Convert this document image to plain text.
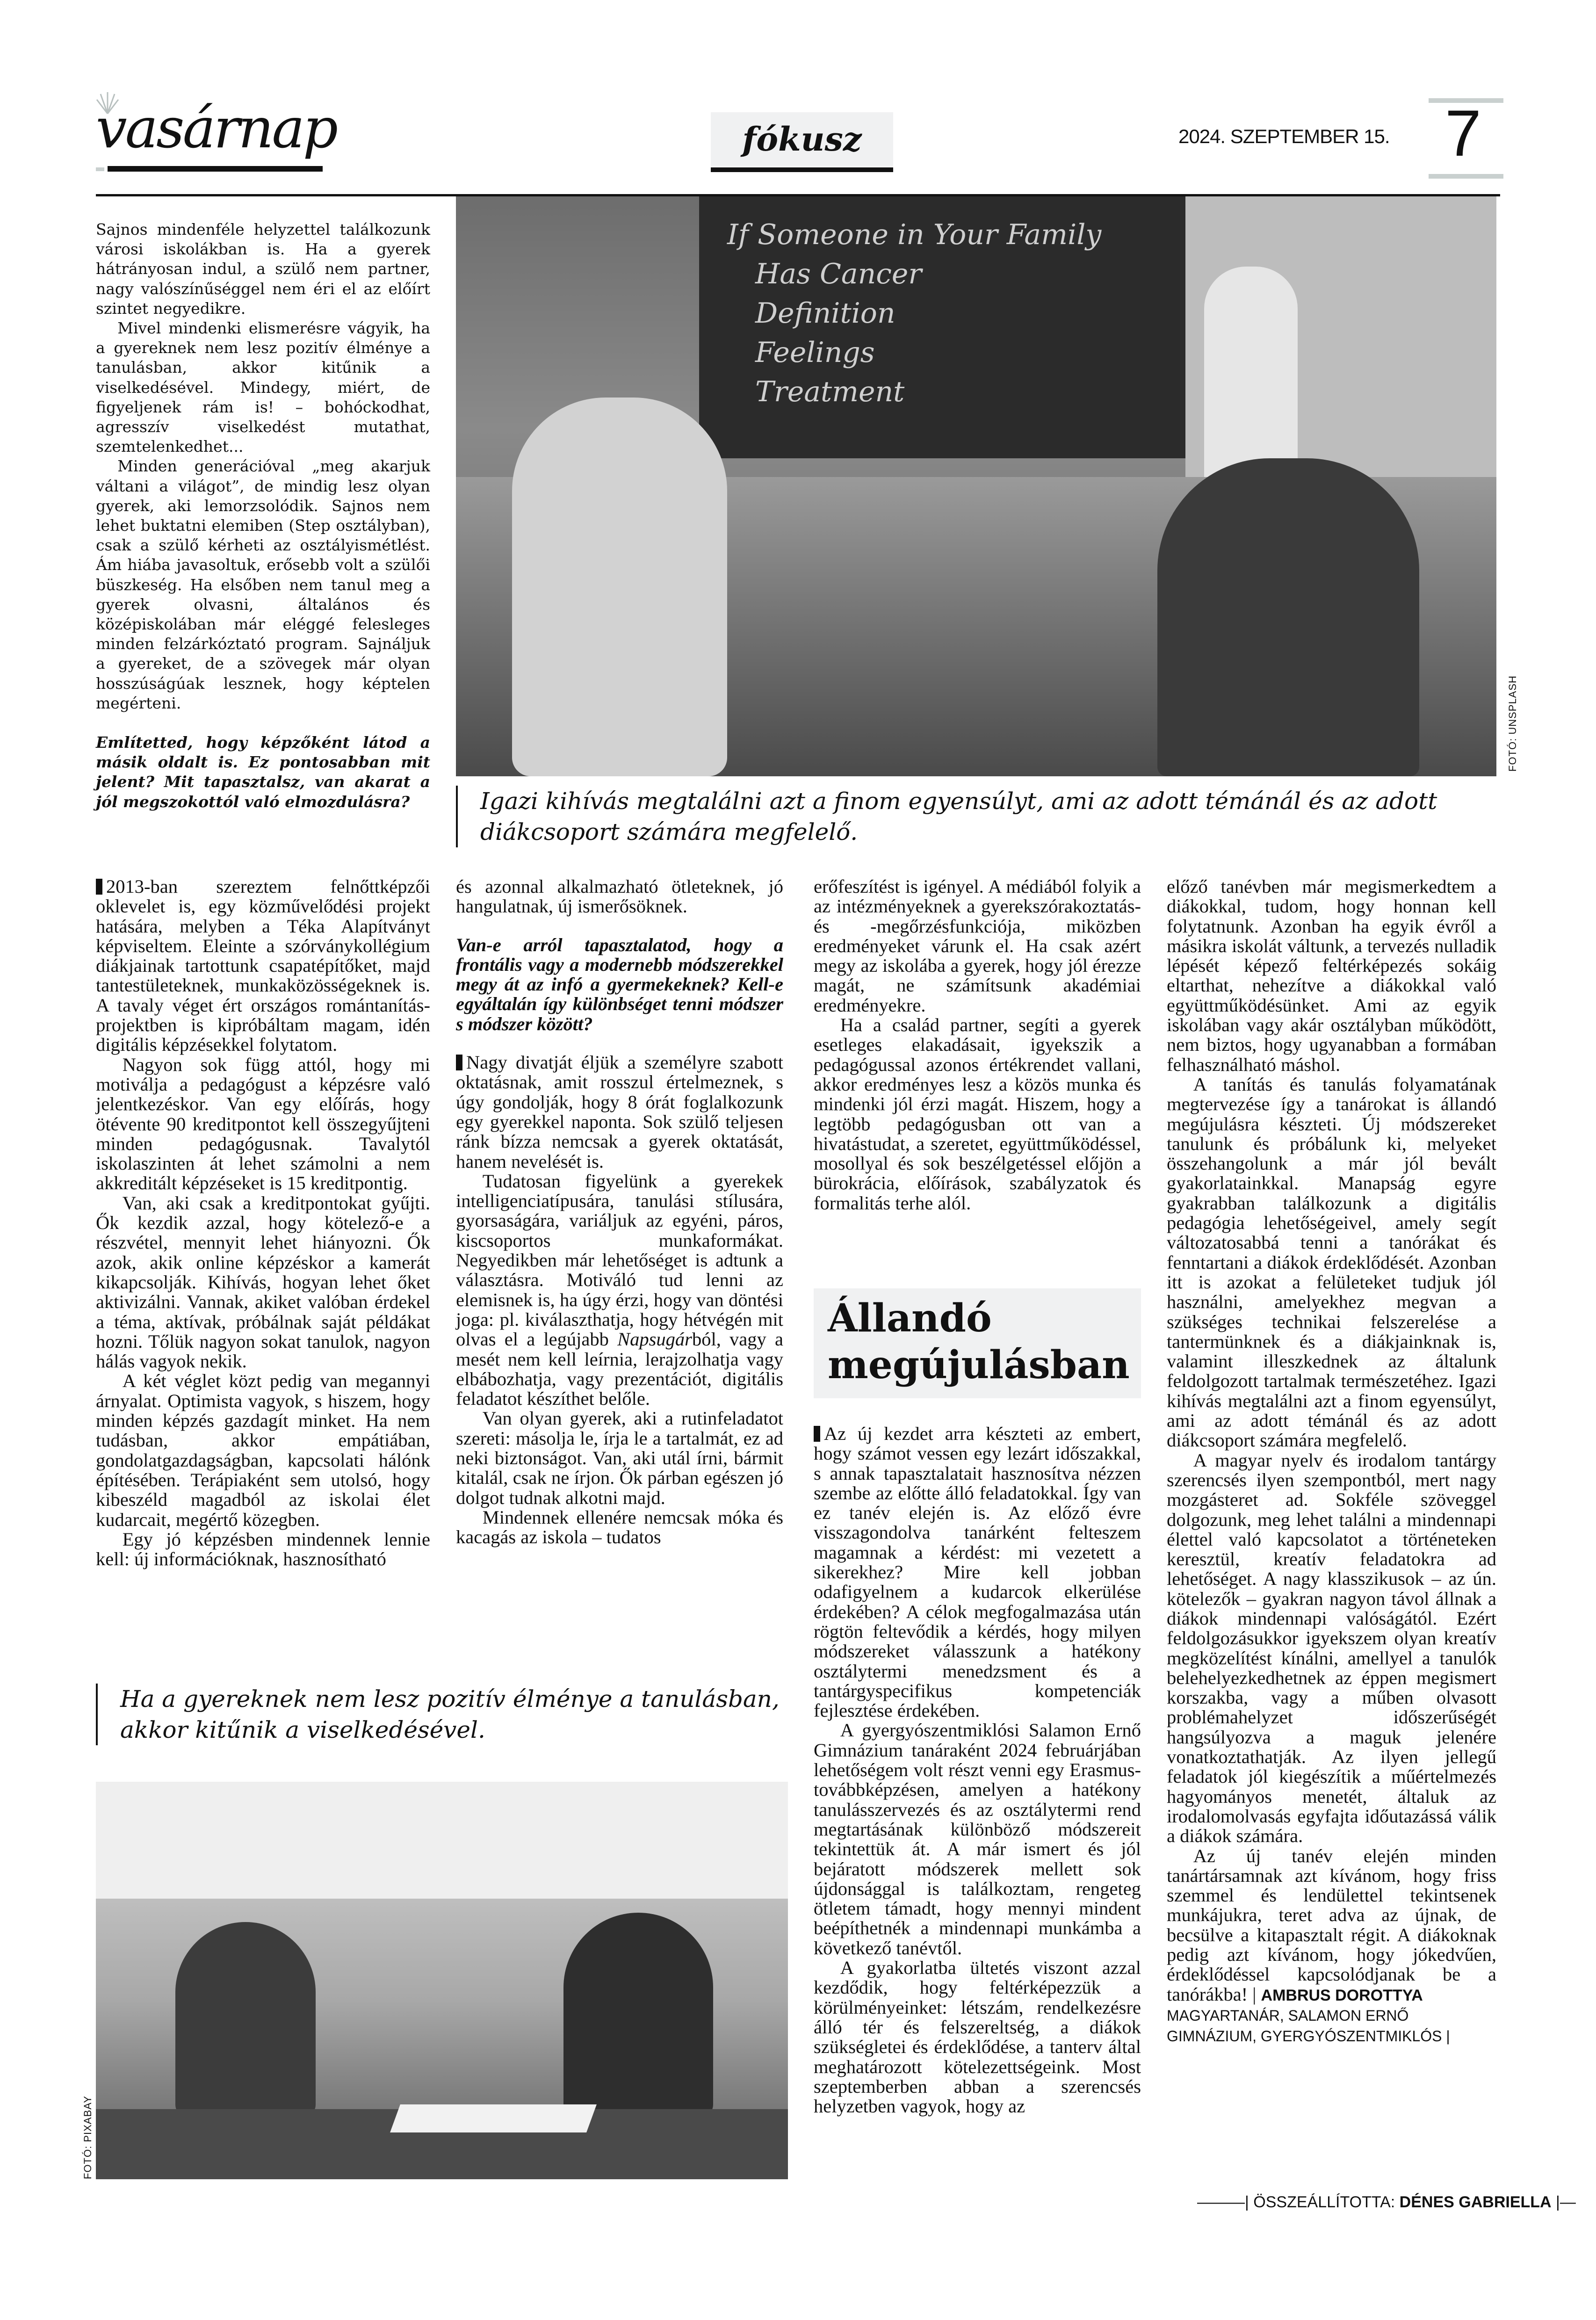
vasárnap	fókusz	2024. SZEPTEMBER 15. 7

Sajnos mindenféle helyzettel találkozunk városi iskolákban is. Ha a gyerek hátrányosan indul, a szülő nem partner, nagy valószínűséggel nem éri el az előírt szintet negyedikre.

Mivel mindenki elismerésre vágyik, ha a gyereknek nem lesz pozitív élménye a tanulásban, akkor kitűnik a viselkedésével. Mindegy, miért, de figyeljenek rám is! – bohóckodhat, agresszív viselkedést mutathat, szemtelenkedhet...

Minden generációval „meg akarjuk váltani a világot”, de mindig lesz olyan gyerek, aki lemorzsolódik. Sajnos nem lehet buktatni elemiben (Step osztályban), csak a szülő kérheti az osztályismétlést. Ám hiába javasoltuk, erősebb volt a szülői büszkeség. Ha elsőben nem tanul meg a gyerek olvasni, általános és középiskolában már eléggé felesleges minden felzárkóztató program. Sajnáljuk a gyereket, de a szövegek már olyan hosszúságúak lesznek, hogy képtelen megérteni.

Említetted, hogy képzőként látod a másik oldalt is. Ez pontosabban mit jelent? Mit tapasztalsz, van akarat a jól megszokottól való elmozdulásra?

If Someone in Your Family
Has Cancer
Definition
Feelings
Treatment
FOTÓ: UNSPLASH
Igazi kihívás megtalálni azt a finom egyensúlyt, ami az adott témánál és az adott diákcsoport számára megfelelő.

2013-ban szereztem felnőttképzői oklevelet is, egy közművelődési projekt hatására, melyben a Téka Alapítványt képviseltem. Eleinte a szórványkollégium diákjainak tartottunk csapatépítőket, majd tantestületeknek, munkaközösségeknek is. A tavaly véget ért országos romántanítás-projektben is kipróbáltam magam, idén digitális képzésekkel folytatom.

Nagyon sok függ attól, hogy mi motiválja a pedagógust a képzésre való jelentkezéskor. Van egy előírás, hogy ötévente 90 kreditpontot kell összegyűjteni minden pedagógusnak. Tavalytól iskolaszinten át lehet számolni a nem akkreditált képzéseket is 15 kreditpontig.

Van, aki csak a kreditpontokat gyűjti. Ők kezdik azzal, hogy kötelező-e a részvétel, mennyit lehet hiányozni. Ők azok, akik online képzéskor a kamerát kikapcsolják. Kihívás, hogyan lehet őket aktivizálni. Vannak, akiket valóban érdekel a téma, aktívak, próbálnak saját példákat hozni. Tőlük nagyon sokat tanulok, nagyon hálás vagyok nekik.

A két véglet közt pedig van megannyi árnyalat. Optimista vagyok, s hiszem, hogy minden képzés gazdagít minket. Ha nem tudásban, akkor empátiában, gondolatgazdagságban, kapcsolati hálónk építésében. Terápiaként sem utolsó, hogy kibeszéld magadból az iskolai élet kudarcait, megértő közegben.

Egy jó képzésben mindennek lennie kell: új információknak, hasznosítható

és azonnal alkalmazható ötleteknek, jó hangulatnak, új ismerősöknek.

Van-e arról tapasztalatod, hogy a frontális vagy a modernebb módszerekkel megy át az infó a gyermekeknek? Kell-e egyáltalán így különbséget tenni módszer s módszer között?

Nagy divatját éljük a személyre szabott oktatásnak, amit rosszul értelmeznek, s úgy gondolják, hogy 8 órát foglalkozunk egy gyerekkel naponta. Sok szülő teljesen ránk bízza nemcsak a gyerek oktatását, hanem nevelését is.

Tudatosan figyelünk a gyerekek intelligenciatípusára, tanulási stílusára, gyorsaságára, variáljuk az egyéni, páros, kiscsoportos munkaformákat. Negyedikben már lehetőséget is adtunk a választásra. Motiváló tud lenni az elemisnek is, ha úgy érzi, hogy van döntési joga: pl. kiválaszthatja, hogy hétvégén mit olvas el a legújabb Napsugárból, vagy a mesét nem kell leírnia, lerajzolhatja vagy elbábozhatja, vagy prezentációt, digitális feladatot készíthet belőle.

Van olyan gyerek, aki a rutinfeladatot szereti: másolja le, írja le a tartalmát, ez ad neki biztonságot. Van, aki utál írni, bármit kitalál, csak ne írjon. Ők párban egészen jó dolgot tudnak alkotni majd.

Mindennek ellenére nemcsak móka és kacagás az iskola – tudatos

erőfeszítést is igényel. A médiából folyik a az intézményeknek a gyerekszórakoztatás- és -megőrzésfunkciója, miközben eredményeket várunk el. Ha csak azért megy az iskolába a gyerek, hogy jól érezze magát, ne számítsunk akadémiai eredményekre.

Ha a család partner, segíti a gyerek esetleges elakadásait, igyekszik a pedagógussal azonos értékrendet vallani, akkor eredményes lesz a közös munka és mindenki jól érzi magát. Hiszem, hogy a legtöbb pedagógusban ott van a hivatástudat, a szeretet, együttműködéssel, mosollyal és sok beszélgetéssel előjön a bürokrácia, előírások, szabályzatok és formalitás terhe alól.

Állandó megújulásban

Az új kezdet arra készteti az embert, hogy számot vessen egy lezárt időszakkal, s annak tapasztalatait hasznosítva nézzen szembe az előtte álló feladatokkal. Így van ez tanév elején is. Az előző évre visszagondolva tanárként felteszem magamnak a kérdést: mi vezetett a sikerekhez? Mire kell jobban odafigyelnem a kudarcok elkerülése érdekében? A célok megfogalmazása után rögtön feltevődik a kérdés, hogy milyen módszereket válasszunk a hatékony osztálytermi menedzsment és a tantárgyspecifikus kompetenciák fejlesztése érdekében.

A gyergyószentmiklósi Salamon Ernő Gimnázium tanáraként 2024 februárjában lehetőségem volt részt venni egy Erasmus-továbbképzésen, amelyen a hatékony tanulásszervezés és az osztálytermi rend megtartásának különböző módszereit tekintettük át. A már ismert és jól bejáratott módszerek mellett sok újdonsággal is találkoztam, rengeteg ötletem támadt, hogy mennyi mindent beépíthetnék a mindennapi munkámba a következő tanévtől.

A gyakorlatba ültetés viszont azzal kezdődik, hogy feltérképezzük a körülményeinket: létszám, rendelkezésre álló tér és felszereltség, a diákok szükségletei és érdeklődése, a tanterv által meghatározott kötelezettségeink. Most szeptemberben abban a szerencsés helyzetben vagyok, hogy az

előző tanévben már megismerkedtem a diákokkal, tudom, hogy honnan kell folytatnunk. Azonban ha egyik évről a másikra iskolát váltunk, a tervezés nulladik lépését képező feltérképezés sokáig eltarthat, nehezítve a diákokkal való együttműködésünket. Ami az egyik iskolában vagy akár osztályban működött, nem biztos, hogy ugyanabban a formában felhasználható máshol.

A tanítás és tanulás folyamatának megtervezése így a tanárokat is állandó megújulásra készteti. Új módszereket tanulunk és próbálunk ki, melyeket összehangolunk a már jól bevált gyakorlatainkkal. Manapság egyre gyakrabban találkozunk a digitális pedagógia lehetőségeivel, amely segít változatosabbá tenni a tanórákat és fenntartani a diákok érdeklődését. Azonban itt is azokat a felületeket tudjuk jól használni, amelyekhez megvan a szükséges technikai felszerelése a tantermünknek és a diákjainknak is, valamint illeszkednek az általunk feldolgozott tartalmak természetéhez. Igazi kihívás megtalálni azt a finom egyensúlyt, ami az adott témánál és az adott diákcsoport számára megfelelő.

A magyar nyelv és irodalom tantárgy szerencsés ilyen szempontból, mert nagy mozgásteret ad. Sokféle szöveggel dolgozunk, meg lehet találni a mindennapi élettel való kapcsolatot a történeteken keresztül, kreatív feladatokra ad lehetőséget. A nagy klasszikusok – az ún. kötelezők – gyakran nagyon távol állnak a diákok mindennapi valóságától. Ezért feldolgozásukkor igyekszem olyan kreatív megközelítést kínálni, amellyel a tanulók belehelyezkedhetnek az éppen megismert korszakba, vagy a műben olvasott problémahelyzet időszerűségét hangsúlyozva a maguk jelenére vonatkoztathatják. Az ilyen jellegű feladatok jól kiegészítik a műértelmezés hagyományos menetét, általuk az irodalomolvasás egyfajta időutazássá válik a diákok számára.

Az új tanév elején minden tanártársamnak azt kívánom, hogy friss szemmel és lendülettel tekintsenek munkájukra, teret adva az újnak, de becsülve a kitapasztalt régit. A diákoknak pedig azt kívánom, hogy jókedvűen, érdeklődéssel kapcsolódjanak be a tanórákba! | AMBRUS DOROTTYA

MAGYARTANÁR, SALAMON ERNŐ GIMNÁZIUM, GYERGYÓSZENTMIKLÓS |
Ha a gyereknek nem lesz pozitív élménye a tanulásban, akkor kitűnik a viselkedésével.
FOTÓ: PIXABAY
———| ÖSSZEÁLLÍTOTTA: DÉNES GABRIELLA |—
